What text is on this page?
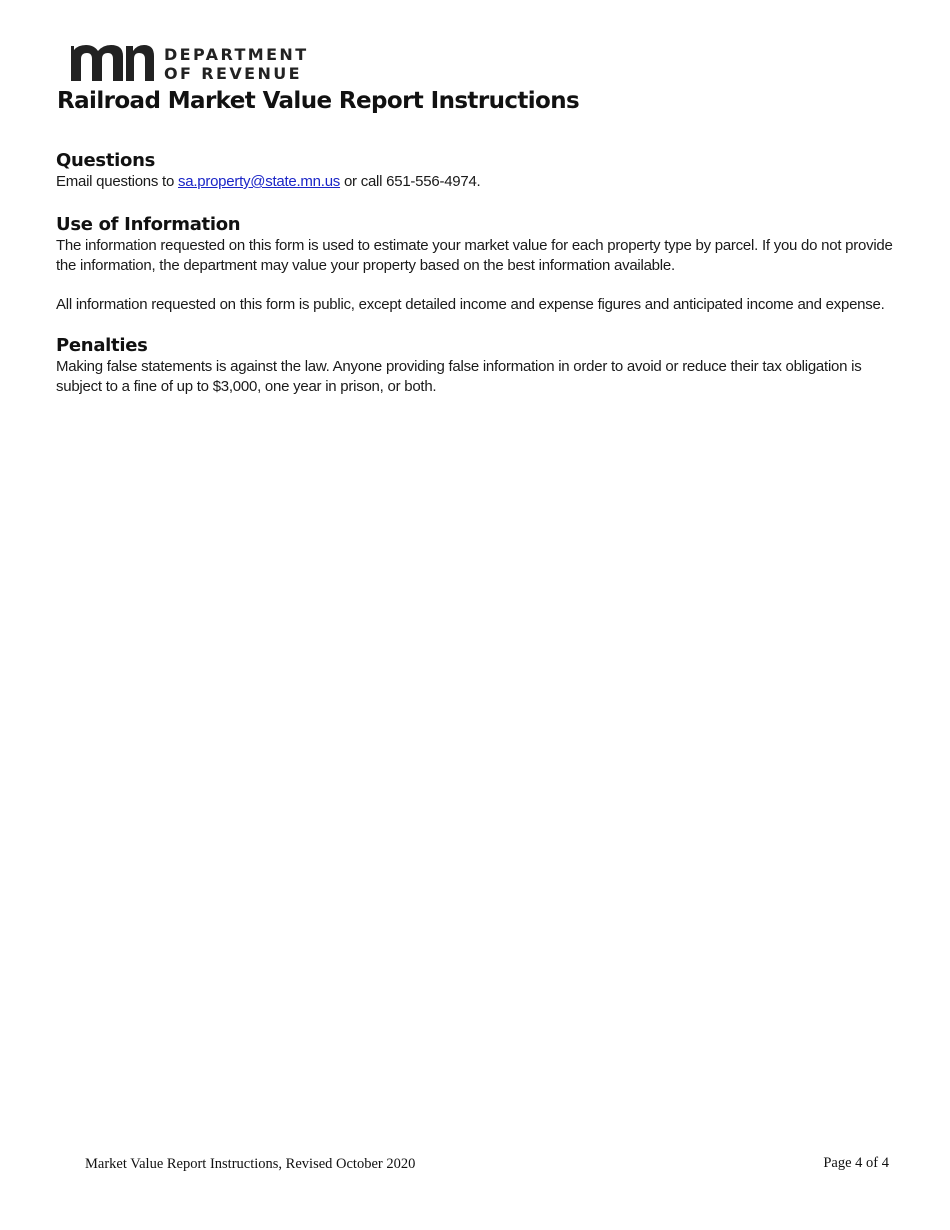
DEPARTMENT
OF REVENUE
Railroad Market Value Report Instructions
Questions

Email questions to sa.property@state.mn.us or call 651-556-4974.

Use of Information

The information requested on this form is used to estimate your market value for each property type by parcel. If you do not provide the information, the department may value your property based on the best information available.

All information requested on this form is public, except detailed income and expense figures and anticipated income and expense.

Penalties

Making false statements is against the law. Anyone providing false information in order to avoid or reduce their tax obligation is subject to a fine of up to $3,000, one year in prison, or both.

Market Value Report Instructions, Revised October 2020	Page 4 of 4
